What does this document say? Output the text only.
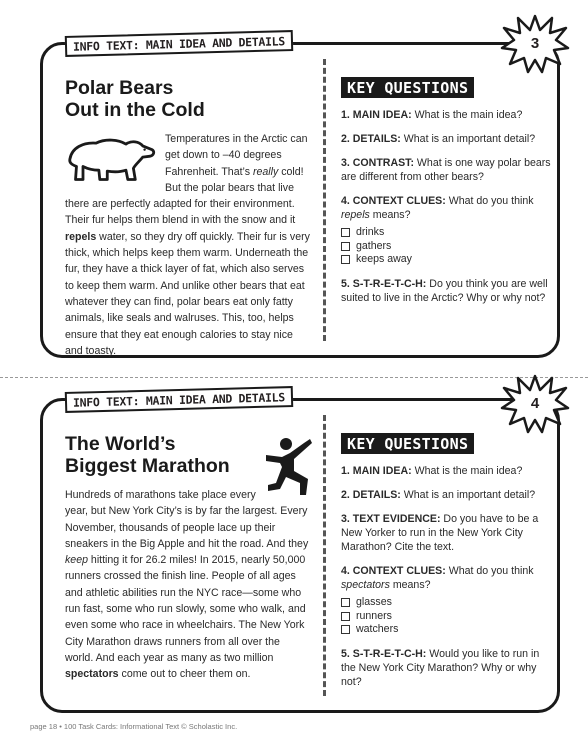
INFO TEXT: MAIN IDEA AND DETAILS
Polar Bears
Out in the Cold
Temperatures in the Arctic can get down to –40 degrees Fahrenheit. That’s really cold! But the polar bears that live there are perfectly adapted for their environment. Their fur helps them blend in with the snow and it repels water, so they dry off quickly. Their fur is very thick, which helps keep them warm. Underneath the fur, they have a thick layer of fat, which also serves to keep them warm. And unlike other bears that eat whatever they can find, polar bears eat only fatty animals, like seals and walruses. This, too, helps ensure that they eat enough calories to stay nice and toasty.
KEY QUESTIONS
1. MAIN IDEA: What is the main idea?
2. DETAILS: What is an important detail?
3. CONTRAST: What is one way polar bears are different from other bears?
4. CONTEXT CLUES: What do you think repels means?
drinks
gathers
keeps away
5. S-T-R-E-T-C-H: Do you think you are well suited to live in the Arctic? Why or why not?
3
INFO TEXT: MAIN IDEA AND DETAILS
The World’s
Biggest Marathon
Hundreds of marathons take place every year, but New York City’s is by far the largest. Every November, thousands of people lace up their sneakers in the Big Apple and hit the road. And they keep hitting it for 26.2 miles! In 2015, nearly 50,000 runners crossed the finish line. People of all ages and athletic abilities run the NYC race—some who run fast, some who run slowly, some who walk, and even some who race in wheelchairs. The New York City Marathon draws runners from all over the world. And each year as many as two million spectators come out to cheer them on.
KEY QUESTIONS
1. MAIN IDEA: What is the main idea?
2. DETAILS: What is an important detail?
3. TEXT EVIDENCE: Do you have to be a New Yorker to run in the New York City Marathon? Cite the text.
4. CONTEXT CLUES: What do you think spectators means?
glasses
runners
watchers
5. S-T-R-E-T-C-H: Would you like to run in the New York City Marathon? Why or why not?
4
page 18 • 100 Task Cards: Informational Text © Scholastic Inc.
